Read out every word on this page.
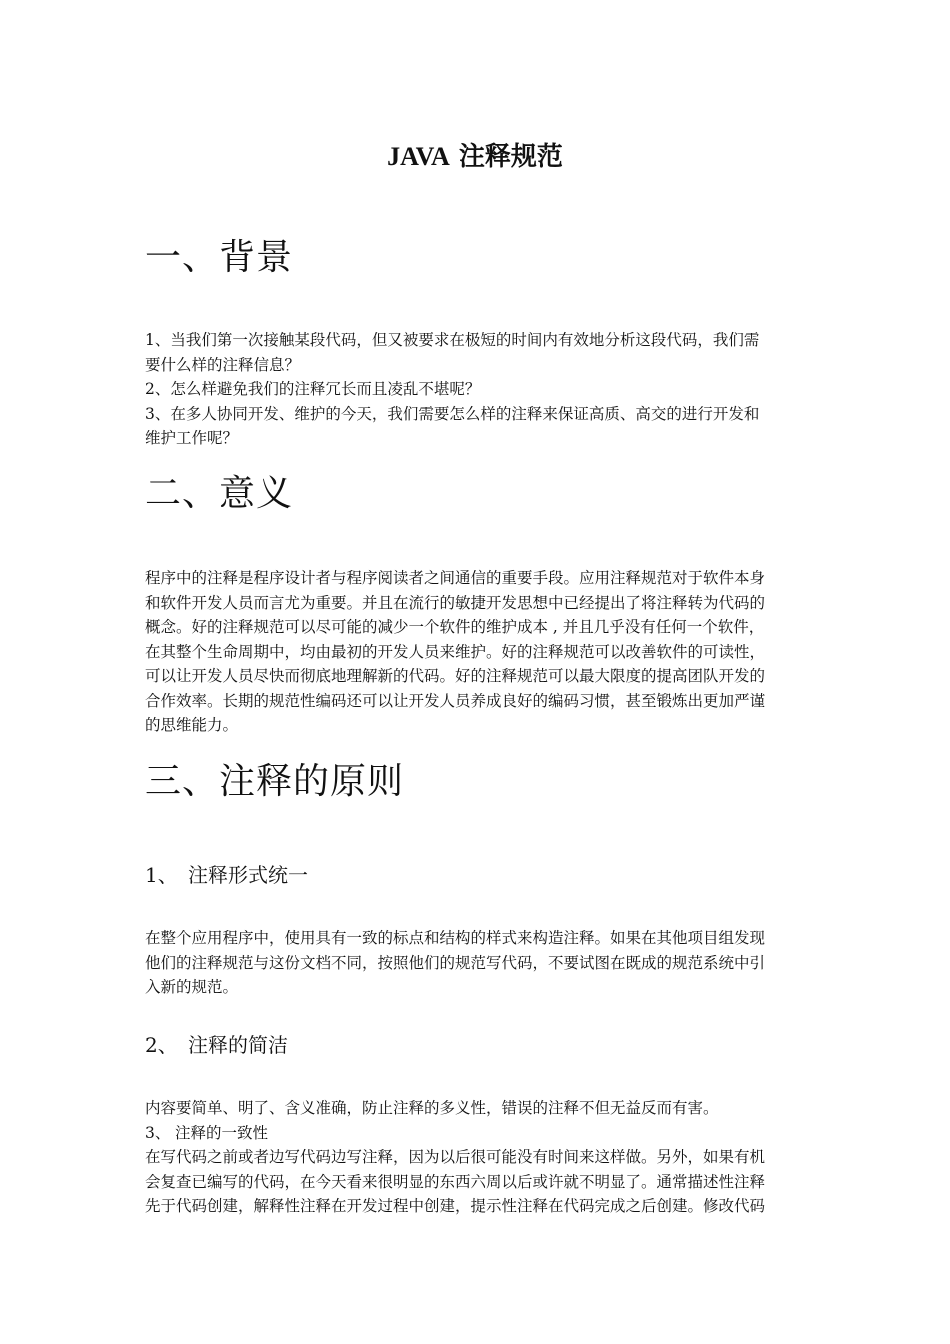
JAVA 注释规范
一、背景
1、当我们第一次接触某段代码，但又被要求在极短的时间内有效地分析这段代码，我们需
要什么样的注释信息？
2、怎么样避免我们的注释冗长而且凌乱不堪呢？
3、在多人协同开发、维护的今天，我们需要怎么样的注释来保证高质、高交的进行开发和
维护工作呢？
二、意义
程序中的注释是程序设计者与程序阅读者之间通信的重要手段。应用注释规范对于软件本身
和软件开发人员而言尤为重要。并且在流行的敏捷开发思想中已经提出了将注释转为代码的
概念。好的注释规范可以尽可能的减少一个软件的维护成本 , 并且几乎没有任何一个软件，
在其整个生命周期中，均由最初的开发人员来维护。好的注释规范可以改善软件的可读性，
可以让开发人员尽快而彻底地理解新的代码。好的注释规范可以最大限度的提高团队开发的
合作效率。长期的规范性编码还可以让开发人员养成良好的编码习惯，甚至锻炼出更加严谨
的思维能力。
三、注释的原则
1、 注释形式统一
在整个应用程序中，使用具有一致的标点和结构的样式来构造注释。如果在其他项目组发现
他们的注释规范与这份文档不同，按照他们的规范写代码，不要试图在既成的规范系统中引
入新的规范。
2、 注释的简洁
内容要简单、明了、含义准确，防止注释的多义性，错误的注释不但无益反而有害。
3、 注释的一致性
在写代码之前或者边写代码边写注释，因为以后很可能没有时间来这样做。另外，如果有机
会复查已编写的代码，在今天看来很明显的东西六周以后或许就不明显了。通常描述性注释
先于代码创建，解释性注释在开发过程中创建，提示性注释在代码完成之后创建。修改代码
